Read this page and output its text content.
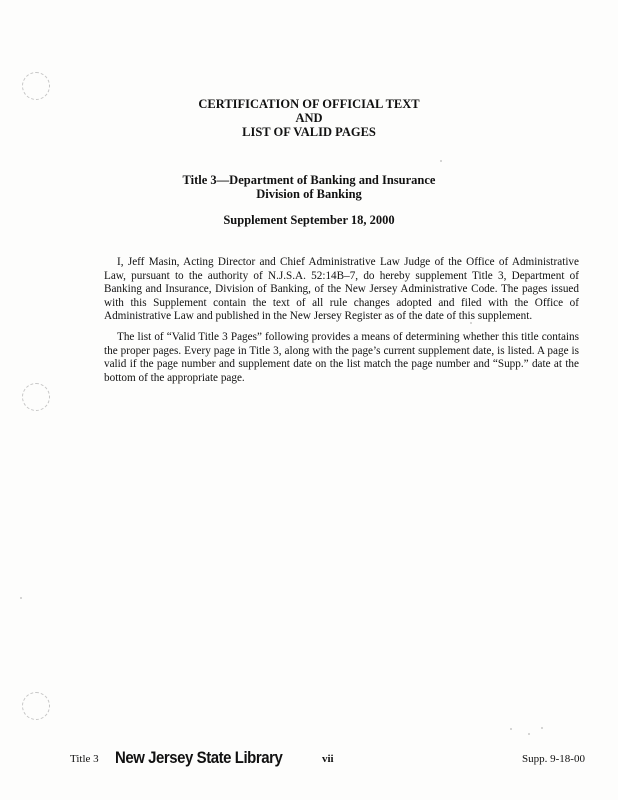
CERTIFICATION OF OFFICIAL TEXT
AND
LIST OF VALID PAGES
Title 3—Department of Banking and Insurance
Division of Banking
Supplement September 18, 2000

I, Jeff Masin, Acting Director and Chief Administrative Law Judge of the Office of Administrative Law, pursuant to the authority of N.J.S.A. 52:14B–7, do hereby supplement Title 3, Department of Banking and Insurance, Division of Banking, of the New Jersey Administrative Code. The pages issued with this Supplement contain the text of all rule changes adopted and filed with the Office of Administrative Law and published in the New Jersey Register as of the date of this supplement.

The list of “Valid Title 3 Pages” following provides a means of determining whether this title contains the proper pages. Every page in Title 3, along with the page’s current supplement date, is listed. A page is valid if the page number and supplement date on the list match the page number and “Supp.” date at the bottom of the appropriate page.

Title 3 New Jersey State Library	vii	Supp. 9-18-00
